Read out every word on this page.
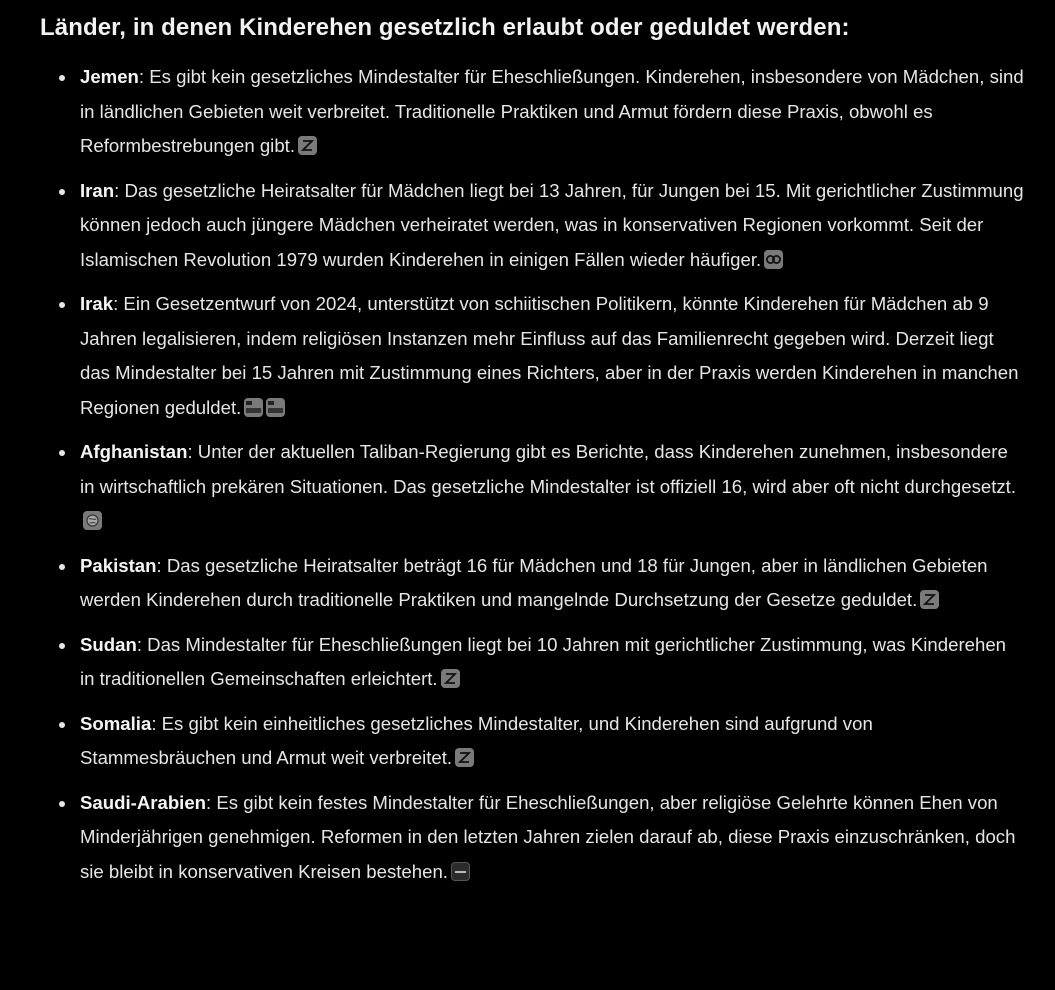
Länder, in denen Kinderehen gesetzlich erlaubt oder geduldet werden:
Jemen: Es gibt kein gesetzliches Mindestalter für Eheschließungen. Kinderehen, insbesondere von Mädchen, sind in ländlichen Gebieten weit verbreitet. Traditionelle Praktiken und Armut fördern diese Praxis, obwohl es Reformbestrebungen gibt.
Iran: Das gesetzliche Heiratsalter für Mädchen liegt bei 13 Jahren, für Jungen bei 15. Mit gerichtlicher Zustimmung können jedoch auch jüngere Mädchen verheiratet werden, was in konservativen Regionen vorkommt. Seit der Islamischen Revolution 1979 wurden Kinderehen in einigen Fällen wieder häufiger.
Irak: Ein Gesetzentwurf von 2024, unterstützt von schiitischen Politikern, könnte Kinderehen für Mädchen ab 9 Jahren legalisieren, indem religiösen Instanzen mehr Einfluss auf das Familienrecht gegeben wird. Derzeit liegt das Mindestalter bei 15 Jahren mit Zustimmung eines Richters, aber in der Praxis werden Kinderehen in manchen Regionen geduldet.
Afghanistan: Unter der aktuellen Taliban-Regierung gibt es Berichte, dass Kinderehen zunehmen, insbesondere in wirtschaftlich prekären Situationen. Das gesetzliche Mindestalter ist offiziell 16, wird aber oft nicht durchgesetzt.
Pakistan: Das gesetzliche Heiratsalter beträgt 16 für Mädchen und 18 für Jungen, aber in ländlichen Gebieten werden Kinderehen durch traditionelle Praktiken und mangelnde Durchsetzung der Gesetze geduldet.
Sudan: Das Mindestalter für Eheschließungen liegt bei 10 Jahren mit gerichtlicher Zustimmung, was Kinderehen in traditionellen Gemeinschaften erleichtert.
Somalia: Es gibt kein einheitliches gesetzliches Mindestalter, und Kinderehen sind aufgrund von Stammesbräuchen und Armut weit verbreitet.
Saudi-Arabien: Es gibt kein festes Mindestalter für Eheschließungen, aber religiöse Gelehrte können Ehen von Minderjährigen genehmigen. Reformen in den letzten Jahren zielen darauf ab, diese Praxis einzuschränken, doch sie bleibt in konservativen Kreisen bestehen.
